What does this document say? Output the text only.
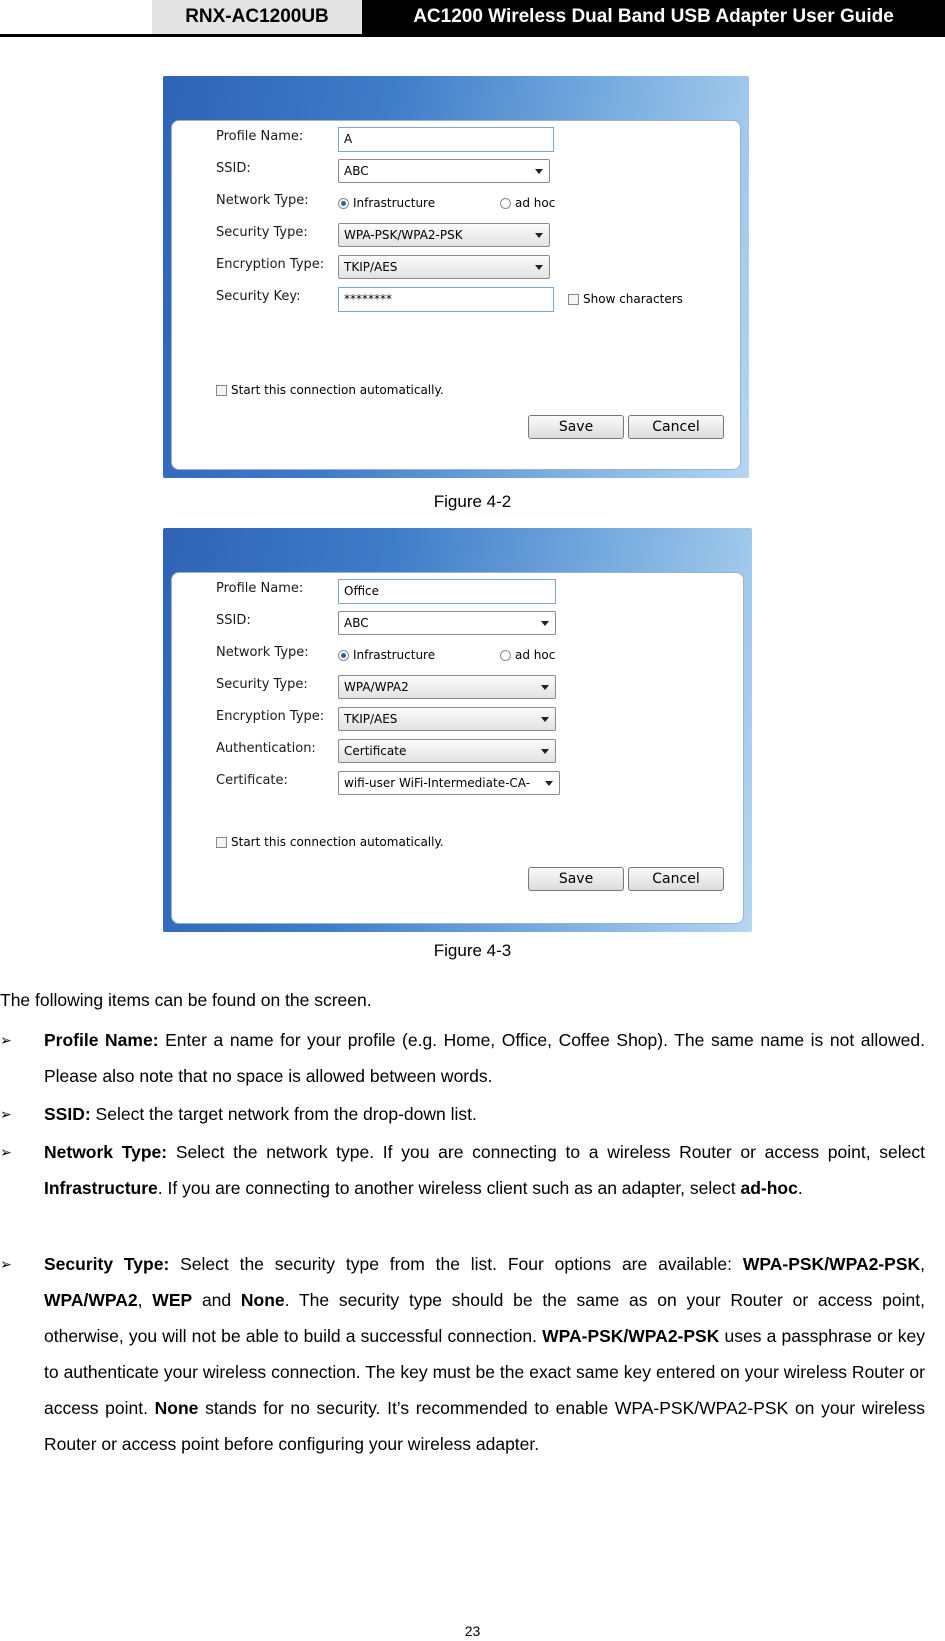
RNX-AC1200UB	AC1200 Wireless Dual Band USB Adapter User Guide
Profile Name:	A
SSID:	ABC
Network Type:	Infrastructure	ad hoc
Security Type:	WPA-PSK/WPA2-PSK
Encryption Type:	TKIP/AES
Security Key:	********	Show characters
Start this connection automatically.
Save	Cancel
Figure 4-2
Profile Name:	Office
SSID:	ABC
Network Type:	Infrastructure	ad hoc
Security Type:	WPA/WPA2
Encryption Type:	TKIP/AES
Authentication:	Certificate
Certificate:	wifi-user WiFi-Intermediate-CA-
Start this connection automatically.
Save	Cancel
Figure 4-3
The following items can be found on the screen.
➢ Profile Name: Enter a name for your profile (e.g. Home, Office, Coffee Shop). The same name is not allowed. Please also note that no space is allowed between words.
➢ SSID: Select the target network from the drop-down list.
➢ Network Type: Select the network type. If you are connecting to a wireless Router or access point, select Infrastructure. If you are connecting to another wireless client such as an adapter, select ad-hoc.
➢ Security Type: Select the security type from the list. Four options are available: WPA-PSK/WPA2-PSK, WPA/WPA2, WEP and None. The security type should be the same as on your Router or access point, otherwise, you will not be able to build a successful connection. WPA-PSK/WPA2-PSK uses a passphrase or key to authenticate your wireless connection. The key must be the exact same key entered on your wireless Router or access point. None stands for no security. It’s recommended to enable WPA-PSK/WPA2-PSK on your wireless Router or access point before configuring your wireless adapter.
23
